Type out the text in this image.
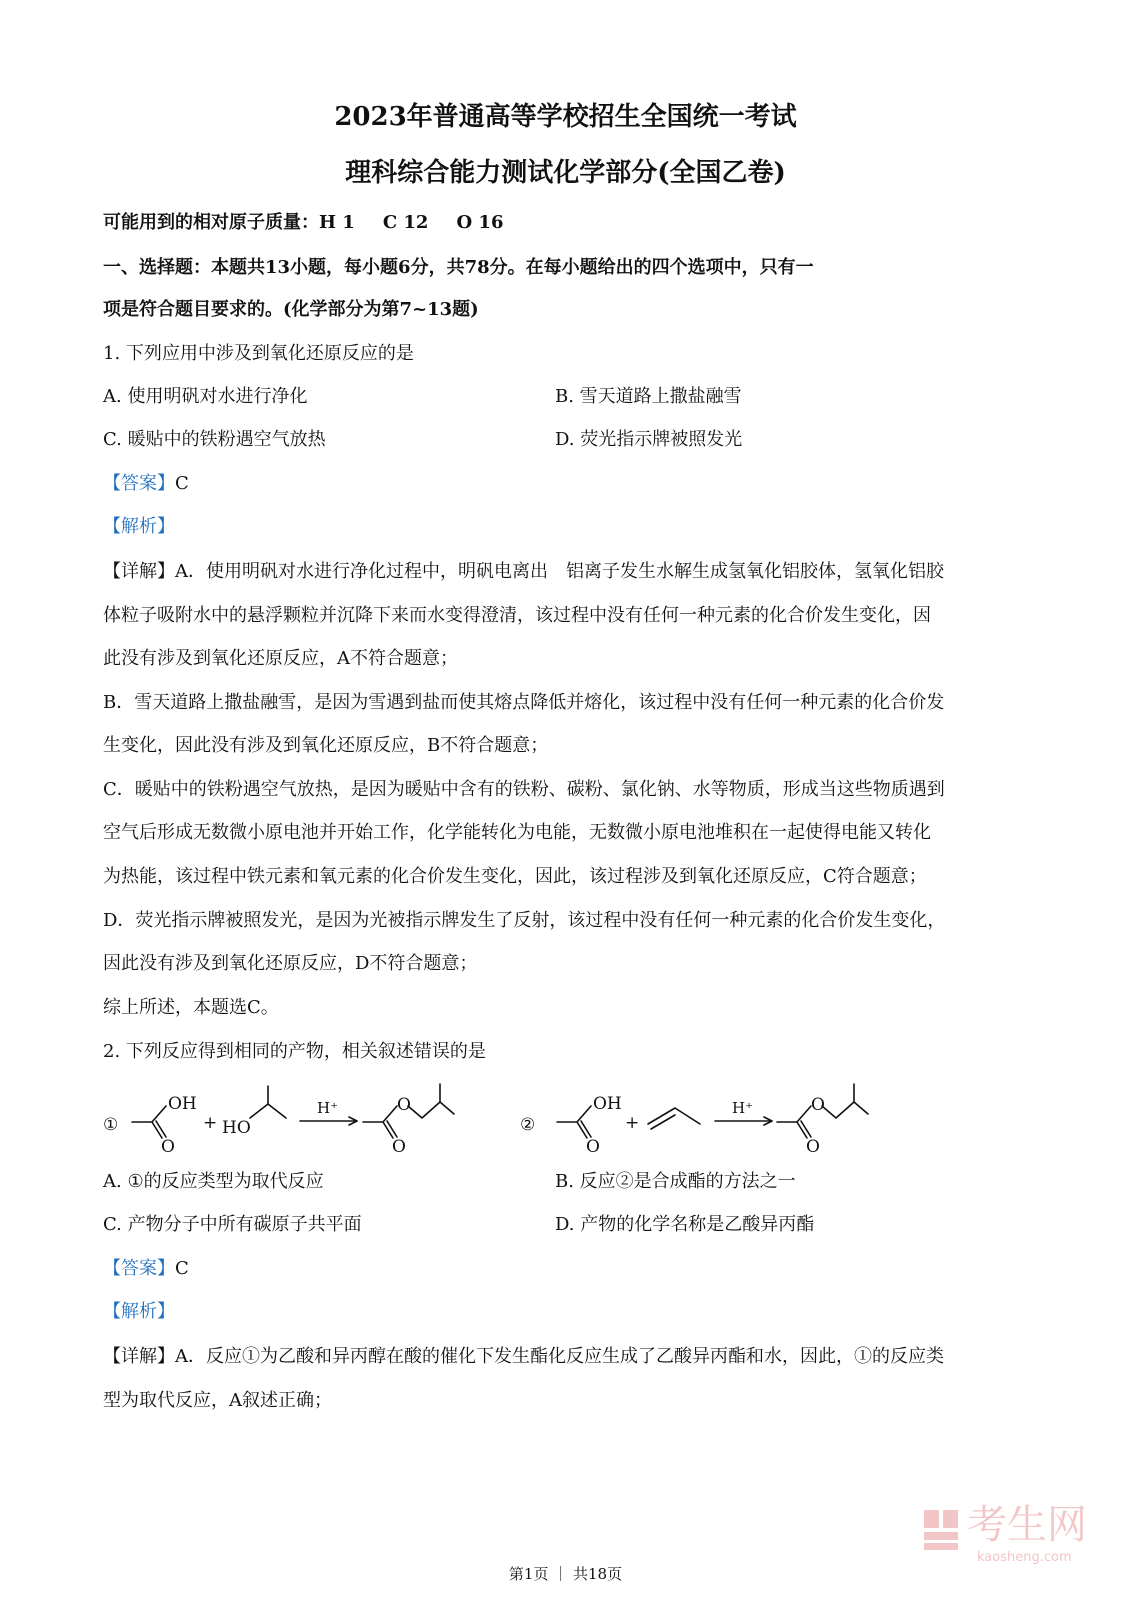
2023年普通高等学校招生全国统一考试
理科综合能力测试化学部分(全国乙卷)
可能用到的相对原子质量：H 1 C 12 O 16
一、选择题：本题共13小题，每小题6分，共78分。在每小题给出的四个选项中，只有一
项是符合题目要求的。(化学部分为第7~13题)
1. 下列应用中涉及到氧化还原反应的是
A. 使用明矾对水进行净化	B. 雪天道路上撒盐融雪
C. 暖贴中的铁粉遇空气放热	D. 荧光指示牌被照发光
【答案】C
【解析】
【详解】A．使用明矾对水进行净化过程中，明矾电离出　铝离子发生水解生成氢氧化铝胶体，氢氧化铝胶
体粒子吸附水中的悬浮颗粒并沉降下来而水变得澄清，该过程中没有任何一种元素的化合价发生变化，因
此没有涉及到氧化还原反应，A不符合题意；
B．雪天道路上撒盐融雪，是因为雪遇到盐而使其熔点降低并熔化，该过程中没有任何一种元素的化合价发
生变化，因此没有涉及到氧化还原反应，B不符合题意；
C．暖贴中的铁粉遇空气放热，是因为暖贴中含有的铁粉、碳粉、氯化钠、水等物质，形成当这些物质遇到
空气后形成无数微小原电池并开始工作，化学能转化为电能，无数微小原电池堆积在一起使得电能又转化
为热能，该过程中铁元素和氧元素的化合价发生变化，因此，该过程涉及到氧化还原反应，C符合题意；
D．荧光指示牌被照发光，是因为光被指示牌发生了反射，该过程中没有任何一种元素的化合价发生变化，
因此没有涉及到氧化还原反应，D不符合题意；
综上所述，本题选C。
2. 下列反应得到相同的产物，相关叙述错误的是
①
OH
O
+ HO
H⁺	O
O
②
OH
O
+
H⁺	O
O
A. ①的反应类型为取代反应	B. 反应②是合成酯的方法之一
C. 产物分子中所有碳原子共平面	D. 产物的化学名称是乙酸异丙酯
【答案】C
【解析】
【详解】A．反应①为乙酸和异丙醇在酸的催化下发生酯化反应生成了乙酸异丙酯和水，因此，①的反应类
型为取代反应，A叙述正确；
考生网
kaosheng.com
第1页 ｜ 共18页
